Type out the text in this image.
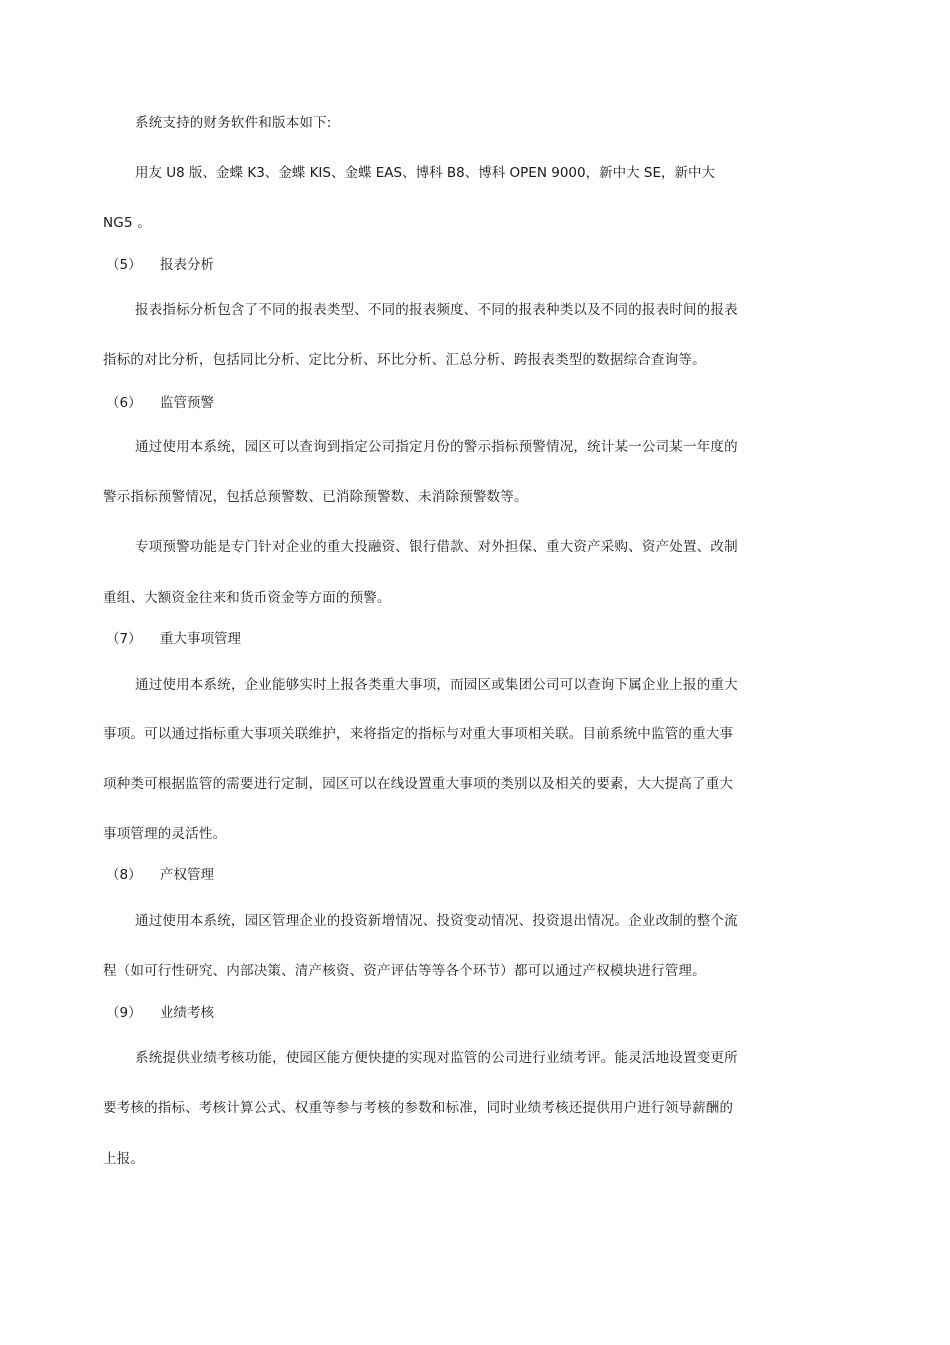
系统支持的财务软件和版本如下:
用友 U8 版、金蝶 K3、金蝶 KIS、金蝶 EAS、博科 B8、博科 OPEN 9000，新中大 SE，新中大
NG5 。
（5） 报表分析
报表指标分析包含了不同的报表类型、不同的报表频度、不同的报表种类以及不同的报表时间的报表
指标的对比分析，包括同比分析、定比分析、环比分析、汇总分析、跨报表类型的数据综合查询等。
（6） 监管预警
通过使用本系统，园区可以查询到指定公司指定月份的警示指标预警情况，统计某一公司某一年度的
警示指标预警情况，包括总预警数、已消除预警数、未消除预警数等。
专项预警功能是专门针对企业的重大投融资、银行借款、对外担保、重大资产采购、资产处置、改制
重组、大额资金往来和货币资金等方面的预警。
（7） 重大事项管理
通过使用本系统，企业能够实时上报各类重大事项，而园区或集团公司可以查询下属企业上报的重大
事项。可以通过指标重大事项关联维护，来将指定的指标与对重大事项相关联。目前系统中监管的重大事
项种类可根据监管的需要进行定制，园区可以在线设置重大事项的类别以及相关的要素，大大提高了重大
事项管理的灵活性。
（8） 产权管理
通过使用本系统，园区管理企业的投资新增情况、投资变动情况、投资退出情况。企业改制的整个流
程（如可行性研究、内部决策、清产核资、资产评估等等各个环节）都可以通过产权模块进行管理。
（9） 业绩考核
系统提供业绩考核功能，使园区能方便快捷的实现对监管的公司进行业绩考评。能灵活地设置变更所
要考核的指标、考核计算公式、权重等参与考核的参数和标准，同时业绩考核还提供用户进行领导薪酬的
上报。
